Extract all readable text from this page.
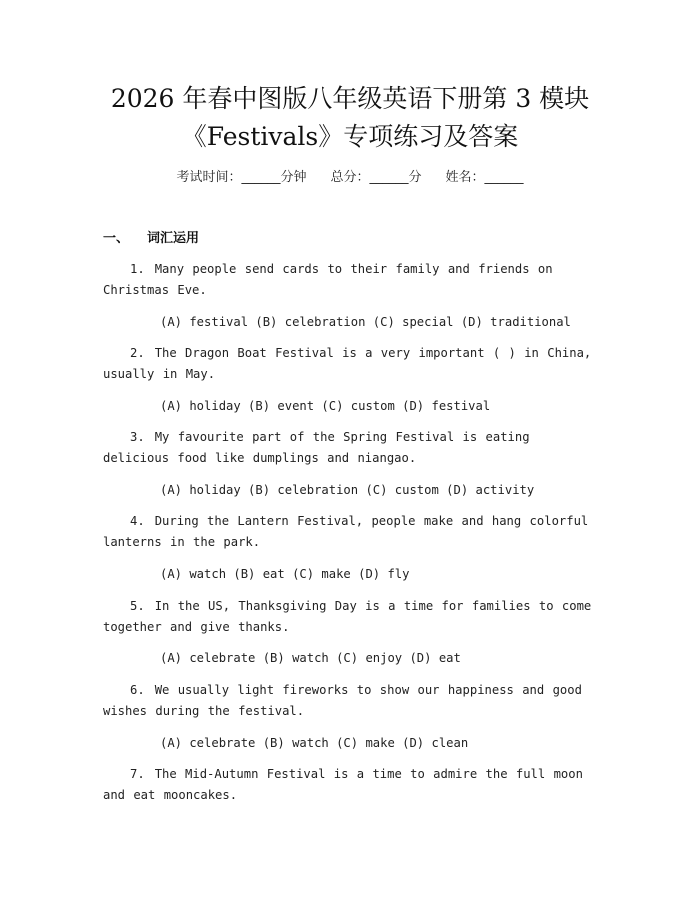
2026 年春中图版八年级英语下册第 3 模块
《Festivals》专项练习及答案
考试时间：______分钟 总分：______分 姓名：______
一、 词汇运用
1. Many people send cards to their family and friends on Christmas Eve.
(A) festival (B) celebration (C) special (D) traditional
2. The Dragon Boat Festival is a very important ( ) in China, usually in May.
(A) holiday (B) event (C) custom (D) festival
3. My favourite part of the Spring Festival is eating delicious food like dumplings and niangao.
(A) holiday (B) celebration (C) custom (D) activity
4. During the Lantern Festival, people make and hang colorful lanterns in the park.
(A) watch (B) eat (C) make (D) fly
5. In the US, Thanksgiving Day is a time for families to come together and give thanks.
(A) celebrate (B) watch (C) enjoy (D) eat
6. We usually light fireworks to show our happiness and good wishes during the festival.
(A) celebrate (B) watch (C) make (D) clean
7. The Mid-Autumn Festival is a time to admire the full moon and eat mooncakes.
